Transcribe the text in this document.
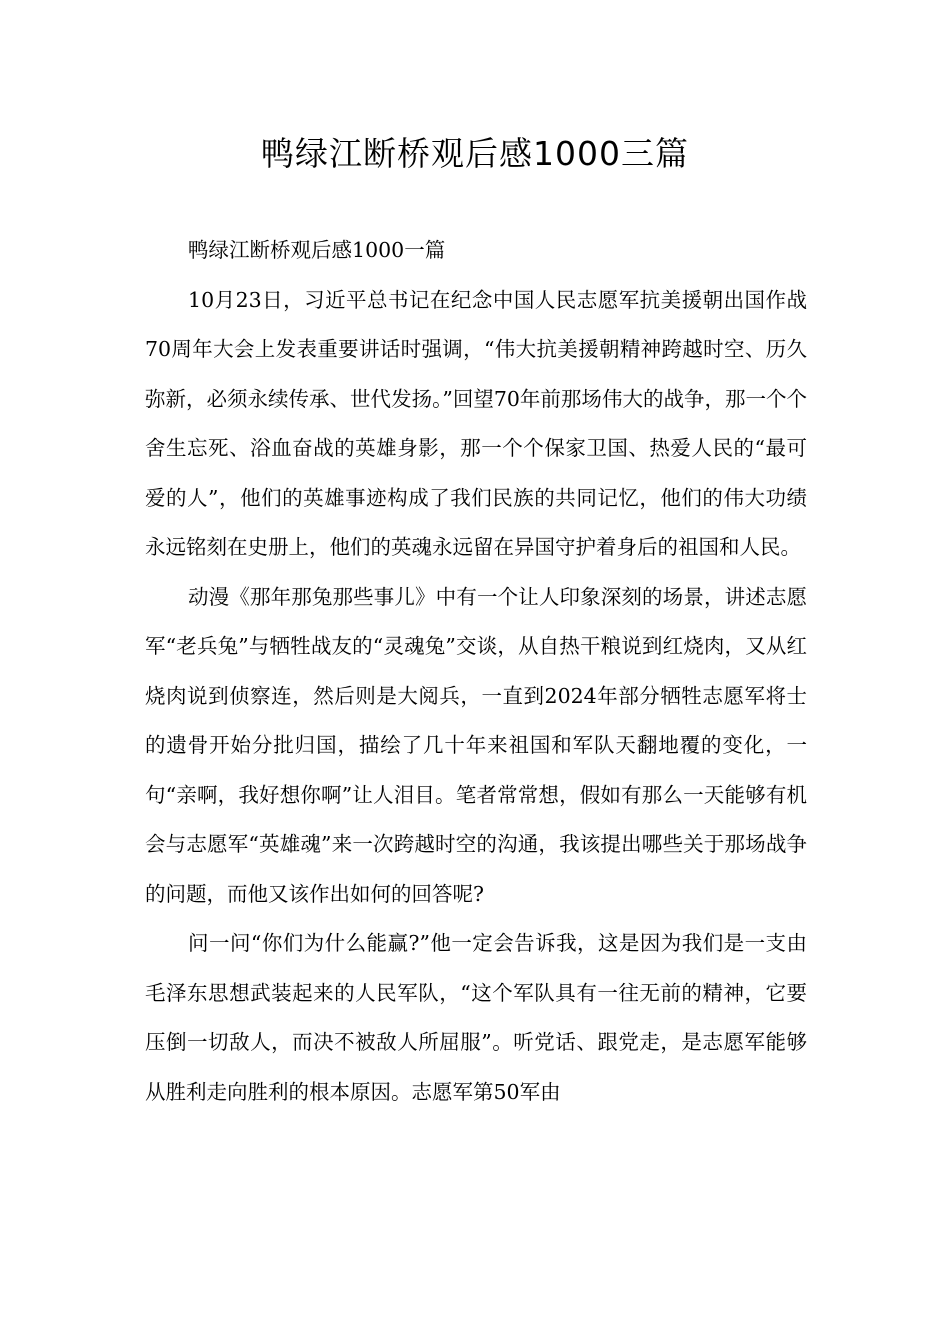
鸭绿江断桥观后感1000三篇

鸭绿江断桥观后感1000一篇

10月23日，习近平总书记在纪念中国人民志愿军抗美援朝出国作战70周年大会上发表重要讲话时强调，“伟大抗美援朝精神跨越时空、历久弥新，必须永续传承、世代发扬。”回望70年前那场伟大的战争，那一个个舍生忘死、浴血奋战的英雄身影，那一个个保家卫国、热爱人民的“最可爱的人”，他们的英雄事迹构成了我们民族的共同记忆，他们的伟大功绩永远铭刻在史册上，他们的英魂永远留在异国守护着身后的祖国和人民。

动漫《那年那兔那些事儿》中有一个让人印象深刻的场景，讲述志愿军“老兵兔”与牺牲战友的“灵魂兔”交谈，从自热干粮说到红烧肉，又从红烧肉说到侦察连，然后则是大阅兵，一直到2024年部分牺牲志愿军将士的遗骨开始分批归国，描绘了几十年来祖国和军队天翻地覆的变化，一句“亲啊，我好想你啊”让人泪目。笔者常常想，假如有那么一天能够有机会与志愿军“英雄魂”来一次跨越时空的沟通，我该提出哪些关于那场战争的问题，而他又该作出如何的回答呢?

问一问“你们为什么能赢?”他一定会告诉我，这是因为我们是一支由毛泽东思想武装起来的人民军队，“这个军队具有一往无前的精神，它要压倒一切敌人，而决不被敌人所屈服”。听党话、跟党走，是志愿军能够从胜利走向胜利的根本原因。志愿军第50军由
